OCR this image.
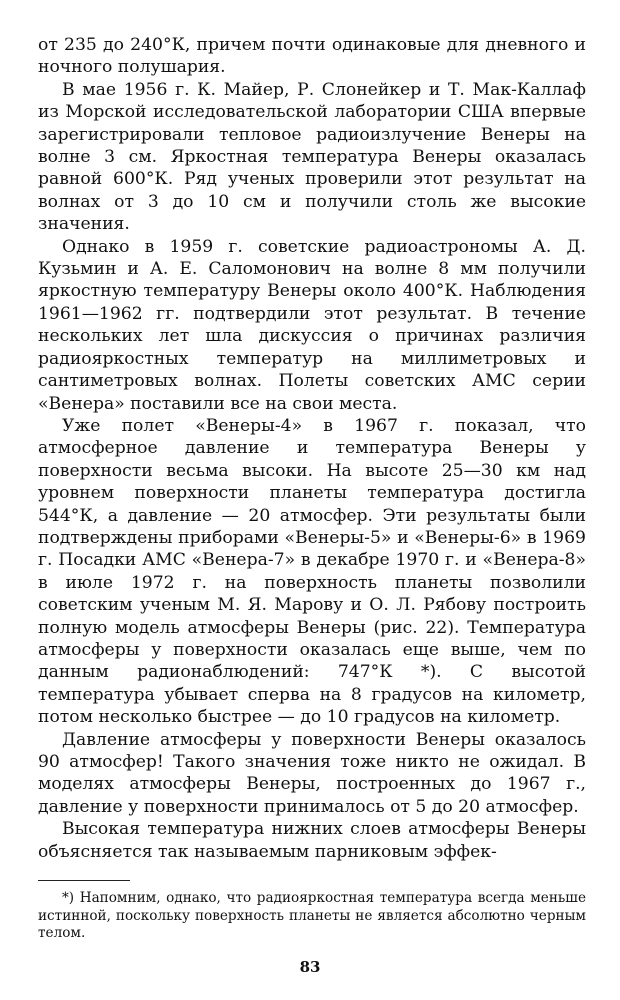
от 235 до 240°К, причем почти одинаковые для дневного и ночного полушария.

В мае 1956 г. К. Майер, Р. Слонейкер и Т. Мак-Каллаф из Морской исследовательской лаборатории США впервые зарегистрировали тепловое радиоизлучение Венеры на волне 3 см. Яркостная температура Венеры оказалась равной 600°К. Ряд ученых проверили этот результат на волнах от 3 до 10 см и получили столь же высокие значения.

Однако в 1959 г. советские радиоастрономы А. Д. Кузьмин и А. Е. Саломонович на волне 8 мм получили яркостную температуру Венеры около 400°К. Наблюдения 1961—1962 гг. подтвердили этот результат. В течение нескольких лет шла дискуссия о причинах различия радиояркостных температур на миллиметровых и сантиметровых волнах. Полеты советских АМС серии «Венера» поставили все на свои места.

Уже полет «Венеры-4» в 1967 г. показал, что атмосферное давление и температура Венеры у поверхности весьма высоки. На высоте 25—30 км над уровнем поверхности планеты температура достигла 544°К, а давление — 20 атмосфер. Эти результаты были подтверждены приборами «Венеры-5» и «Венеры-6» в 1969 г. Посадки АМС «Венера-7» в декабре 1970 г. и «Венера-8» в июле 1972 г. на поверхность планеты позволили советским ученым М. Я. Марову и О. Л. Рябову построить полную модель атмосферы Венеры (рис. 22). Температура атмосферы у поверхности оказалась еще выше, чем по данным радионаблюдений: 747°К *). С высотой температура убывает сперва на 8 градусов на километр, потом несколько быстрее — до 10 градусов на километр.

Давление атмосферы у поверхности Венеры оказалось 90 атмосфер! Такого значения тоже никто не ожидал. В моделях атмосферы Венеры, построенных до 1967 г., давление у поверхности принималось от 5 до 20 атмосфер.

Высокая температура нижних слоев атмосферы Венеры объясняется так называемым парниковым эффек-

*) Напомним, однако, что радиояркостная температура всегда меньше истинной, поскольку поверхность планеты не является абсолютно черным телом.

83
